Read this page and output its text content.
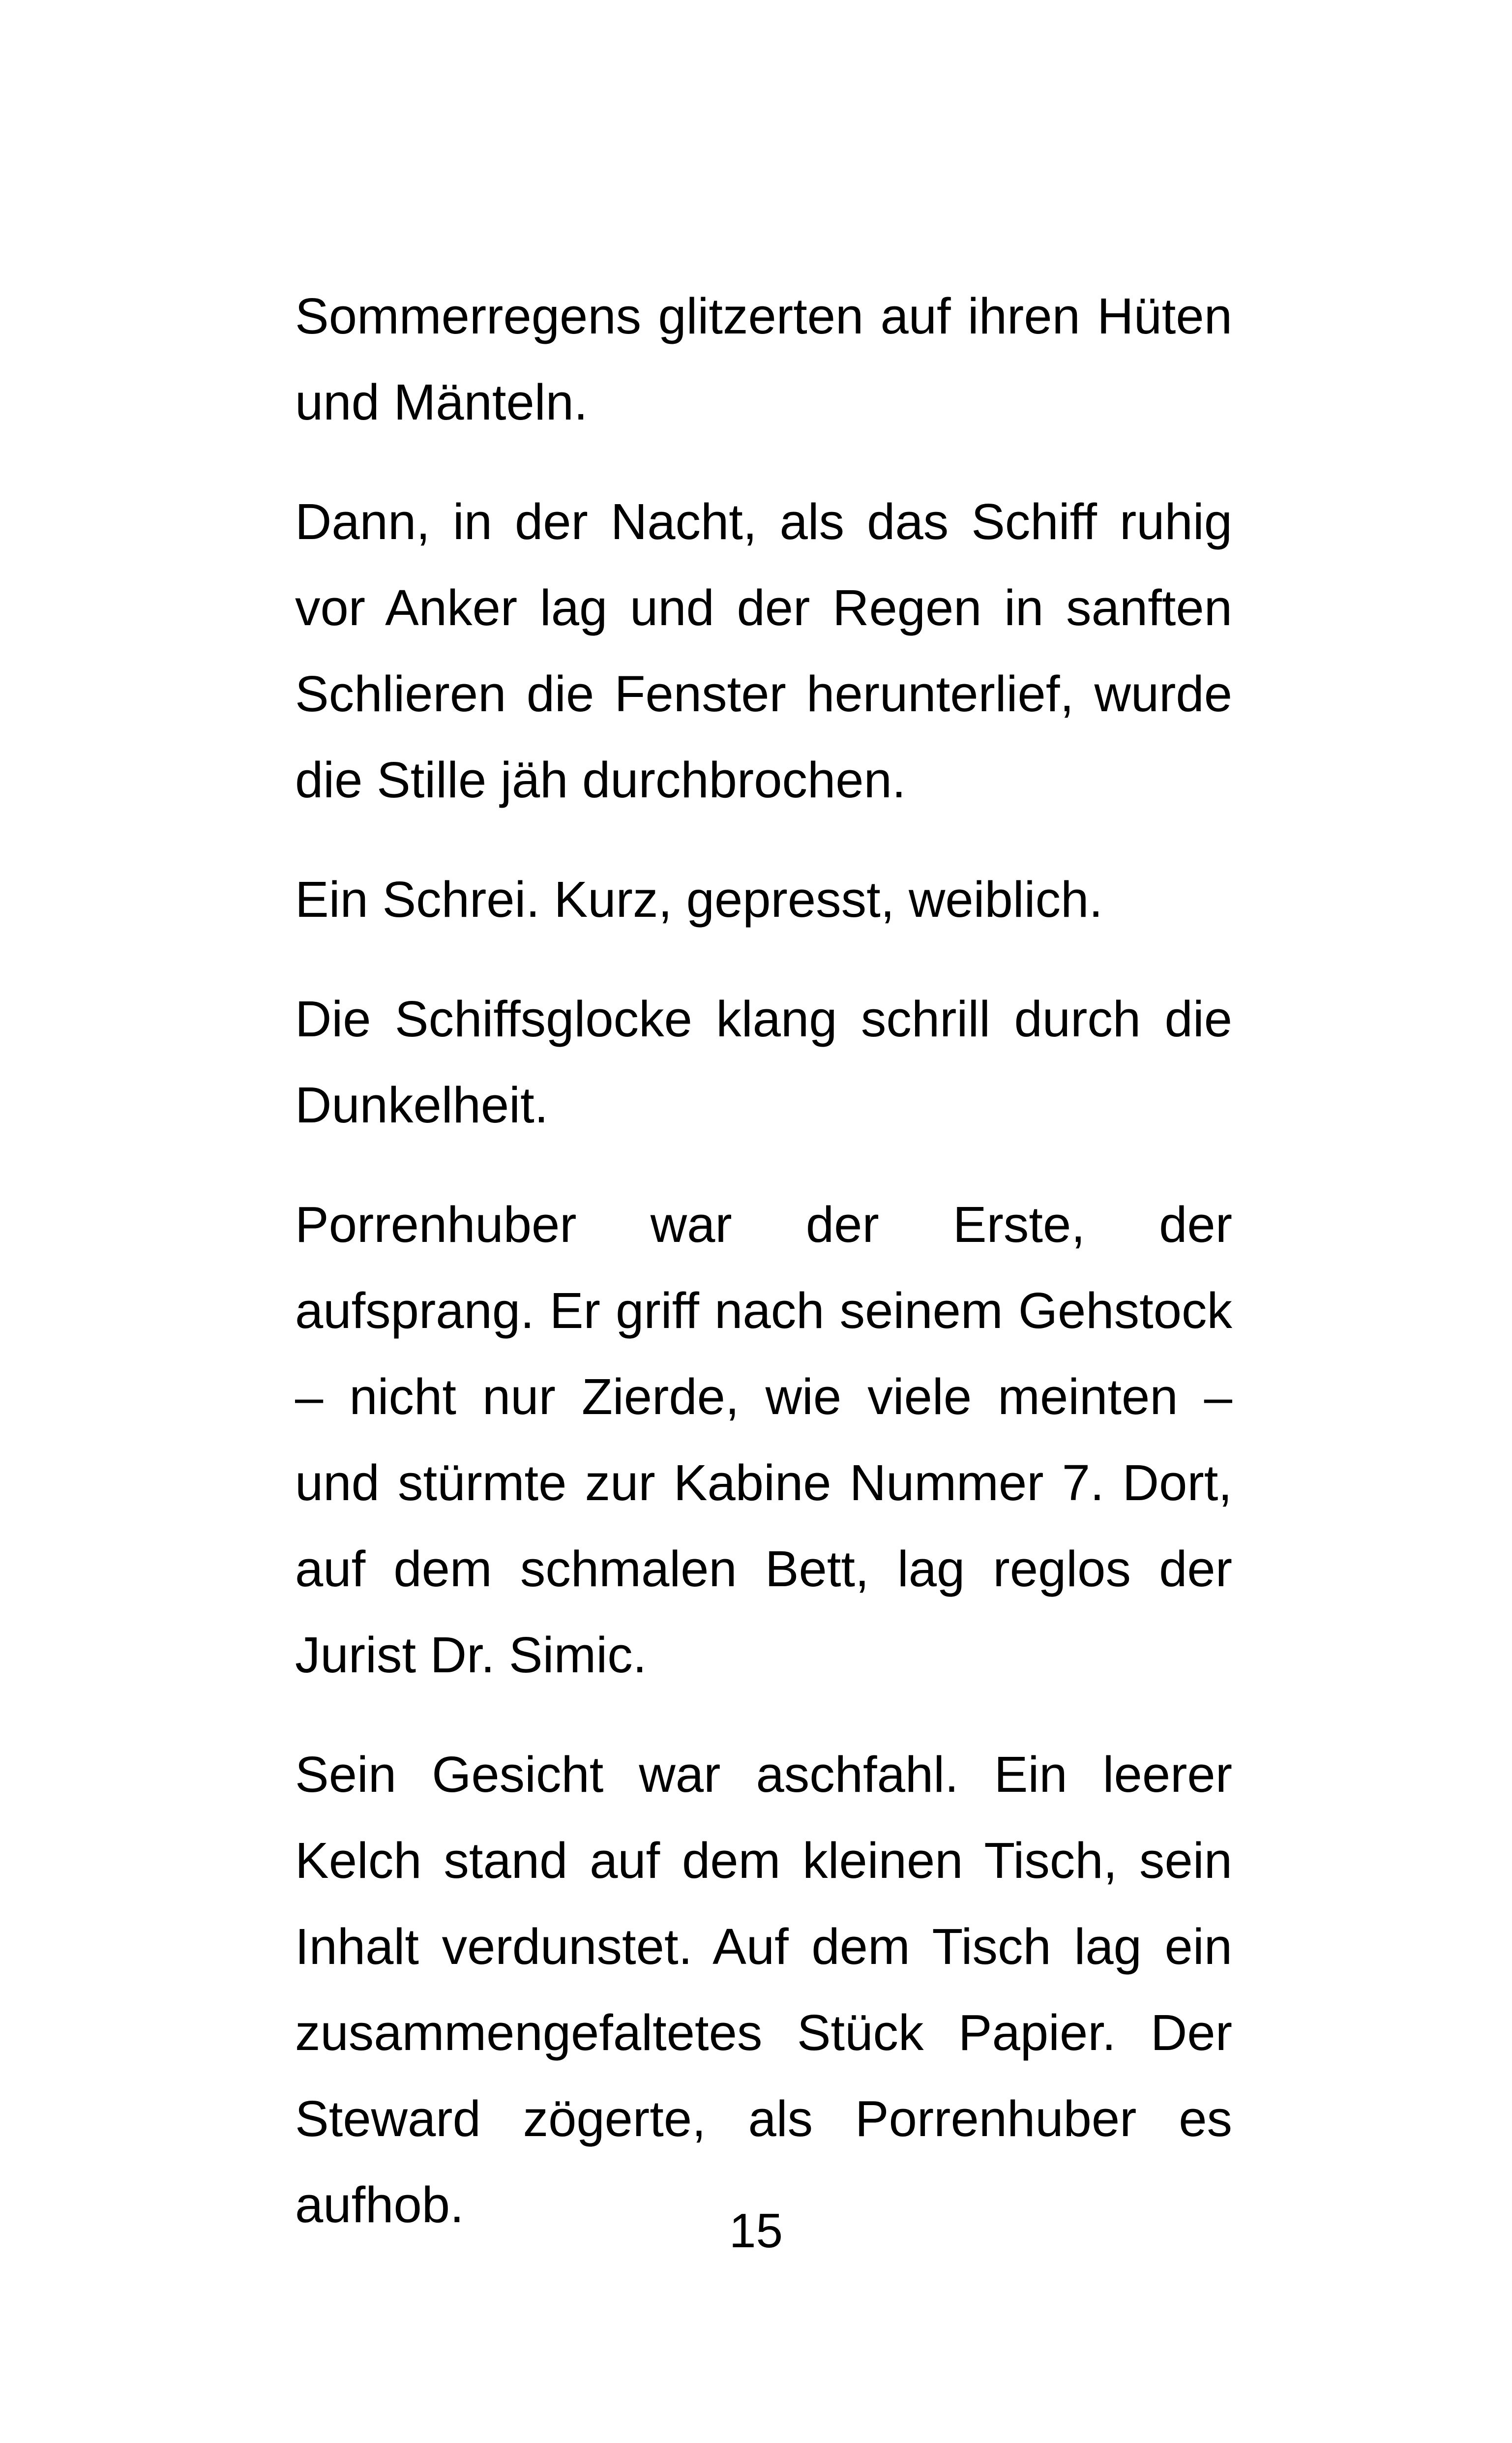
Sommerregens glitzerten auf ihren Hüten und Mänteln.

Dann, in der Nacht, als das Schiff ruhig vor Anker lag und der Regen in sanften Schlieren die Fenster herunterlief, wurde die Stille jäh durchbrochen.

Ein Schrei. Kurz, gepresst, weiblich.

Die Schiffsglocke klang schrill durch die Dunkelheit.

Porrenhuber war der Erste, der aufsprang. Er griff nach seinem Gehstock – nicht nur Zierde, wie viele meinten – und stürmte zur Kabine Nummer 7. Dort, auf dem schmalen Bett, lag reglos der Jurist Dr. Simic.

Sein Gesicht war aschfahl. Ein leerer Kelch stand auf dem kleinen Tisch, sein Inhalt verdunstet. Auf dem Tisch lag ein zusammengefaltetes Stück Papier. Der Steward zögerte, als Porrenhuber es aufhob.	15
